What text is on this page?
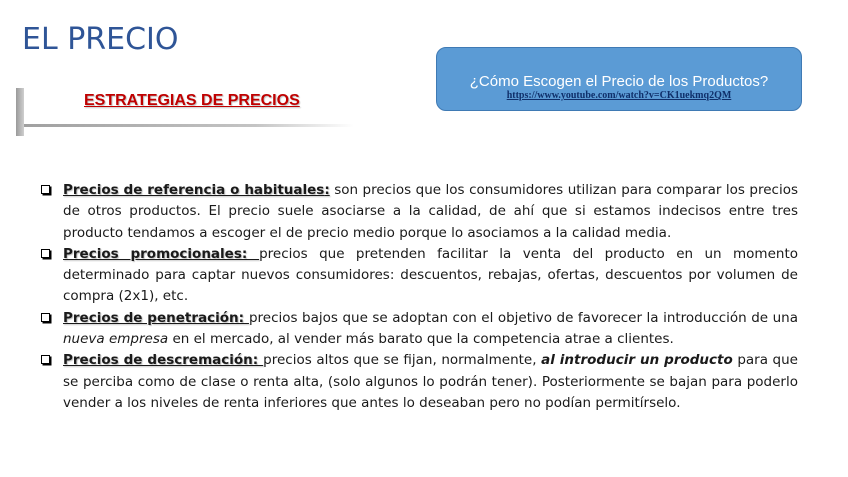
EL PRECIO
¿Cómo Escogen el Precio de los Productos?
https://www.youtube.com/watch?v=CK1uekmq2QM
ESTRATEGIAS DE PRECIOS
Precios de referencia o habituales: son precios que los consumidores utilizan para comparar los precios de otros productos. El precio suele asociarse a la calidad, de ahí que si estamos indecisos entre tres producto tendamos a escoger el de precio medio porque lo asociamos a la calidad media.
Precios promocionales: precios que pretenden facilitar la venta del producto en un momento determinado para captar nuevos consumidores: descuentos, rebajas, ofertas, descuentos por volumen de compra (2x1), etc.
Precios de penetración: precios bajos que se adoptan con el objetivo de favorecer la introducción de una nueva empresa en el mercado, al vender más barato que la competencia atrae a clientes.
Precios de descremación: precios altos que se fijan, normalmente, al introducir un producto para que se perciba como de clase o renta alta, (solo algunos lo podrán tener). Posteriormente se bajan para poderlo vender a los niveles de renta inferiores que antes lo deseaban pero no podían permitírselo.
